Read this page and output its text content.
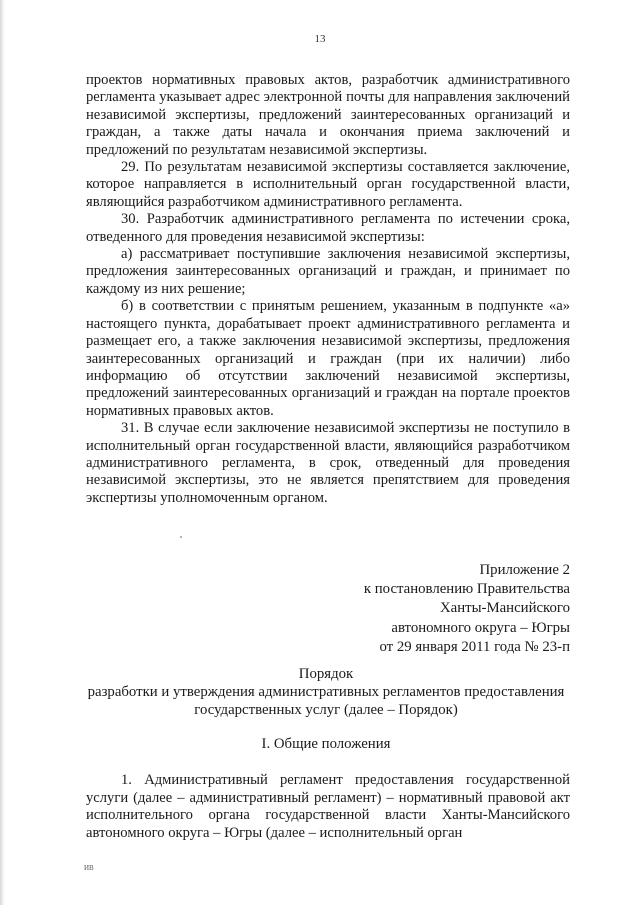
13

проектов нормативных правовых актов, разработчик административного регламента указывает адрес электронной почты для направления заключений независимой экспертизы, предложений заинтересованных организаций и граждан, а также даты начала и окончания приема заключений и предложений по результатам независимой экспертизы.

29. По результатам независимой экспертизы составляется заключение, которое направляется в исполнительный орган государственной власти, являющийся разработчиком административного регламента.

30. Разработчик административного регламента по истечении срока, отведенного для проведения независимой экспертизы:

а) рассматривает поступившие заключения независимой экспертизы, предложения заинтересованных организаций и граждан, и принимает по каждому из них решение;

б) в соответствии с принятым решением, указанным в подпункте «а» настоящего пункта, дорабатывает проект административного регламента и размещает его, а также заключения независимой экспертизы, предложения заинтересованных организаций и граждан (при их наличии) либо информацию об отсутствии заключений независимой экспертизы, предложений заинтересованных организаций и граждан на портале проектов нормативных правовых актов.

31. В случае если заключение независимой экспертизы не поступило в исполнительный орган государственной власти, являющийся разработчиком административного регламента, в срок, отведенный для проведения независимой экспертизы, это не является препятствием для проведения экспертизы уполномоченным органом.

Приложение 2
к постановлению Правительства
Ханты-Мансийского
автономного округа – Югры
от 29 января 2011 года № 23-п
Порядок
разработки и утверждения административных регламентов предоставления государственных услуг (далее – Порядок)
I. Общие положения

1. Административный регламент предоставления государственной услуги (далее – административный регламент) – нормативный правовой акт исполнительного органа государственной власти Ханты-Мансийского автономного округа – Югры (далее – исполнительный орган

ИВ
